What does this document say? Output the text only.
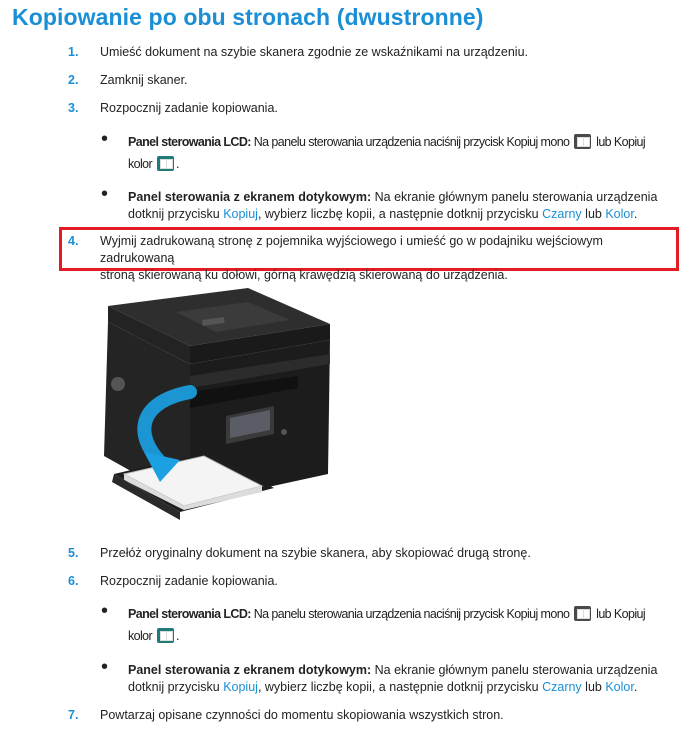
Kopiowanie po obu stronach (dwustronne)
1. Umieść dokument na szybie skanera zgodnie ze wskaźnikami na urządzeniu.
2. Zamknij skaner.
3. Rozpocznij zadanie kopiowania.
• Panel sterowania LCD: Na panelu sterowania urządzenia naciśnij przycisk Kopiuj mono  lub Kopiuj
kolor .
• Panel sterowania z ekranem dotykowym: Na ekranie głównym panelu sterowania urządzenia
dotknij przycisku Kopiuj, wybierz liczbę kopii, a następnie dotknij przycisku Czarny lub Kolor.
4. Wyjmij zadrukowaną stronę z pojemnika wyjściowego i umieść go w podajniku wejściowym zadrukowaną
stroną skierowaną ku dołowi, górną krawędzią skierowaną do urządzenia.
5. Przełóż oryginalny dokument na szybie skanera, aby skopiować drugą stronę.
6. Rozpocznij zadanie kopiowania.
• Panel sterowania LCD: Na panelu sterowania urządzenia naciśnij przycisk Kopiuj mono  lub Kopiuj
kolor .
• Panel sterowania z ekranem dotykowym: Na ekranie głównym panelu sterowania urządzenia
dotknij przycisku Kopiuj, wybierz liczbę kopii, a następnie dotknij przycisku Czarny lub Kolor.
7. Powtarzaj opisane czynności do momentu skopiowania wszystkich stron.
